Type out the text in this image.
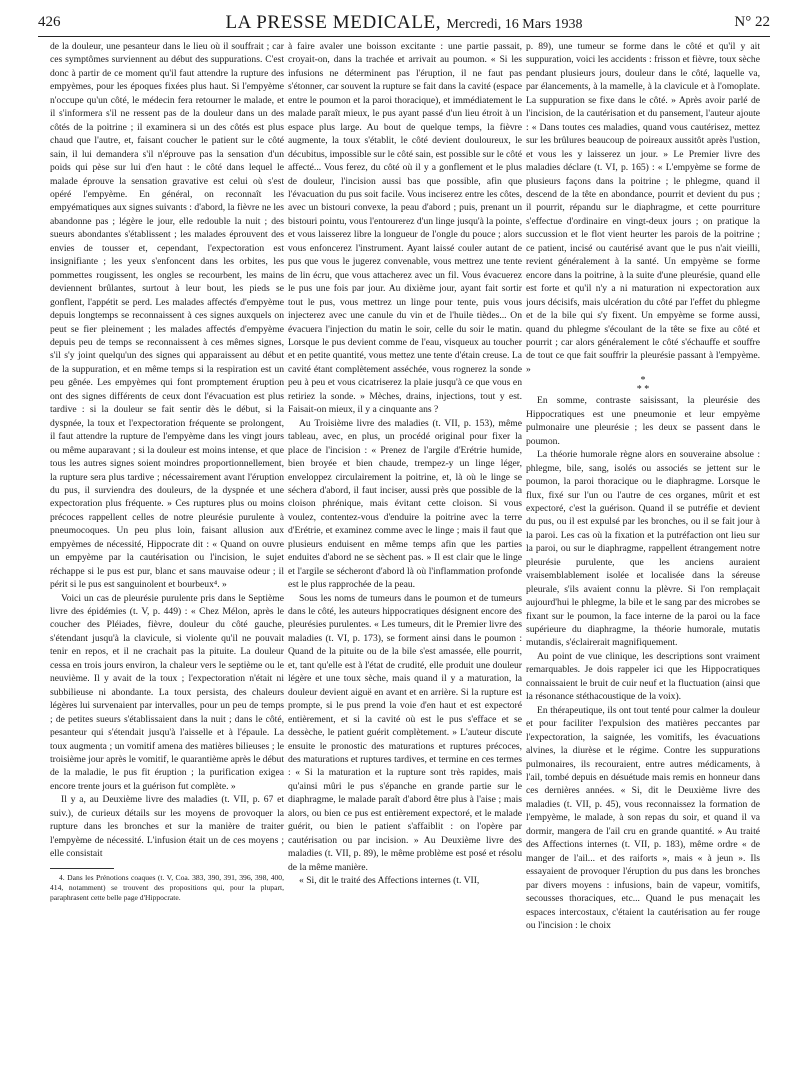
426	LA PRESSE MEDICALE, Mercredi, 16 Mars 1938	N° 22

de la douleur, une pesanteur dans le lieu où il souffrait ; car ces symptômes surviennent au début des suppurations. C'est donc à partir de ce moment qu'il faut attendre la rupture des empyèmes, pour les époques fixées plus haut. Si l'empyème n'occupe qu'un côté, le médecin fera retourner le malade, et il s'informera s'il ne ressent pas de la douleur dans un des côtés de la poitrine ; il examinera si un des côtés est plus chaud que l'autre, et, faisant coucher le patient sur le côté sain, il lui demandera s'il n'éprouve pas la sensation d'un poids qui pèse sur lui d'en haut : le côté dans lequel le malade éprouve la sensation gravative est celui où s'est opéré l'empyème. En général, on reconnaît les empyématiques aux signes suivants : d'abord, la fièvre ne les abandonne pas ; légère le jour, elle redouble la nuit ; des sueurs abondantes s'établissent ; les malades éprouvent des envies de tousser et, cependant, l'expectoration est insignifiante ; les yeux s'enfoncent dans les orbites, les pommettes rougissent, les ongles se recourbent, les mains deviennent brûlantes, surtout à leur bout, les pieds se gonflent, l'appétit se perd. Les malades affectés d'empyème depuis longtemps se reconnaissent à ces signes auxquels on peut se fier pleinement ; les malades affectés d'empyème depuis peu de temps se reconnaissent à ces mêmes signes, s'il s'y joint quelqu'un des signes qui apparaissent au début de la suppuration, et en même temps si la respiration est un peu gênée. Les empyèmes qui font promptement éruption ont des signes différents de ceux dont l'évacuation est plus tardive : si la douleur se fait sentir dès le début, si la dyspnée, la toux et l'expectoration fréquente se prolongent, il faut attendre la rupture de l'empyème dans les vingt jours ou même auparavant ; si la douleur est moins intense, et que tous les autres signes soient moindres proportionnellement, la rupture sera plus tardive ; nécessairement avant l'éruption du pus, il surviendra des douleurs, de la dyspnée et une expectoration plus fréquente. » Ces ruptures plus ou moins précoces rappellent celles de notre pleurésie purulente à pneumocoques. Un peu plus loin, faisant allusion aux empyèmes de nécessité, Hippocrate dit : « Quand on ouvre un empyème par la cautérisation ou l'incision, le sujet réchappe si le pus est pur, blanc et sans mauvaise odeur ; il périt si le pus est sanguinolent et bourbeux⁴. »

Voici un cas de pleurésie purulente pris dans le Septième livre des épidémies (t. V, p. 449) : « Chez Mélon, après le coucher des Pléiades, fièvre, douleur du côté gauche, s'étendant jusqu'à la clavicule, si violente qu'il ne pouvait tenir en repos, et il ne crachait pas la pituite. La douleur cessa en trois jours environ, la chaleur vers le septième ou le neuvième. Il y avait de la toux ; l'expectoration n'était ni subbilieuse ni abondante. La toux persista, des chaleurs légères lui survenaient par intervalles, pour un peu de temps ; de petites sueurs s'établissaient dans la nuit ; dans le côté, pesanteur qui s'étendait jusqu'à l'aisselle et à l'épaule. La toux augmenta ; un vomitif amena des matières bilieuses ; le troisième jour après le vomitif, le quarantième après le début de la maladie, le pus fit éruption ; la purification exigea encore trente jours et la guérison fut complète. »

Il y a, au Deuxième livre des maladies (t. VII, p. 67 et suiv.), de curieux détails sur les moyens de provoquer la rupture dans les bronches et sur la manière de traiter l'empyème de nécessité. L'infusion était un de ces moyens ; elle consistait

4. Dans les Prénotions coaques (t. V, Coa. 383, 390, 391, 396, 398, 400, 414, notamment) se trouvent des propositions qui, pour la plupart, paraphrasent cette belle page d'Hippocrate.

à faire avaler une boisson excitante : une partie passait, croyait-on, dans la trachée et arrivait au poumon. « Si les infusions ne déterminent pas l'éruption, il ne faut pas s'étonner, car souvent la rupture se fait dans la cavité (espace entre le poumon et la paroi thoracique), et immédiatement le malade paraît mieux, le pus ayant passé d'un lieu étroit à un espace plus large. Au bout de quelque temps, la fièvre augmente, la toux s'établit, le côté devient douloureux, le décubitus, impossible sur le côté sain, est possible sur le côté affecté... Vous ferez, du côté où il y a gonflement et le plus de douleur, l'incision aussi bas que possible, afin que l'évacuation du pus soit facile. Vous inciserez entre les côtes, avec un bistouri convexe, la peau d'abord ; puis, prenant un bistouri pointu, vous l'entourerez d'un linge jusqu'à la pointe, et vous laisserez libre la longueur de l'ongle du pouce ; alors vous enfoncerez l'instrument. Ayant laissé couler autant de pus que vous le jugerez convenable, vous mettrez une tente de lin écru, que vous attacherez avec un fil. Vous évacuerez le pus une fois par jour. Au dixième jour, ayant fait sortir tout le pus, vous mettrez un linge pour tente, puis vous injecterez avec une canule du vin et de l'huile tièdes... On évacuera l'injection du matin le soir, celle du soir le matin. Lorsque le pus devient comme de l'eau, visqueux au toucher et en petite quantité, vous mettez une tente d'étain creuse. La cavité étant complètement asséchée, vous rognerez la sonde peu à peu et vous cicatriserez la plaie jusqu'à ce que vous en retiriez la sonde. » Mèches, drains, injections, tout y est. Faisait-on mieux, il y a cinquante ans ?

Au Troisième livre des maladies (t. VII, p. 153), même tableau, avec, en plus, un procédé original pour fixer la place de l'incision : « Prenez de l'argile d'Erétrie humide, bien broyée et bien chaude, trempez-y un linge léger, enveloppez circulairement la poitrine, et, là où le linge se séchera d'abord, il faut inciser, aussi près que possible de la cloison phrénique, mais évitant cette cloison. Si vous voulez, contentez-vous d'enduire la poitrine avec la terre d'Erétrie, et examinez comme avec le linge ; mais il faut que plusieurs enduisent en même temps afin que les parties enduites d'abord ne se sèchent pas. » Il est clair que le linge et l'argile se sécheront d'abord là où l'inflammation profonde est le plus rapprochée de la peau.

Sous les noms de tumeurs dans le poumon et de tumeurs dans le côté, les auteurs hippocratiques désignent encore des pleurésies purulentes. « Les tumeurs, dit le Premier livre des maladies (t. VI, p. 173), se forment ainsi dans le poumon : Quand de la pituite ou de la bile s'est amassée, elle pourrit, et, tant qu'elle est à l'état de crudité, elle produit une douleur légère et une toux sèche, mais quand il y a maturation, la douleur devient aiguë en avant et en arrière. Si la rupture est prompte, si le pus prend la voie d'en haut et est expectoré entièrement, et si la cavité où est le pus s'efface et se dessèche, le patient guérit complètement. » L'auteur discute ensuite le pronostic des maturations et ruptures précoces, des maturations et ruptures tardives, et termine en ces termes : « Si la maturation et la rupture sont très rapides, mais qu'ainsi mûri le pus s'épanche en grande partie sur le diaphragme, le malade paraît d'abord être plus à l'aise ; mais alors, ou bien ce pus est entièrement expectoré, et le malade guérit, ou bien le patient s'affaiblit : on l'opère par cautérisation ou par incision. » Au Deuxième livre des maladies (t. VII, p. 89), le même problème est posé et résolu de la même manière.

« Si, dit le traité des Affections internes (t. VII,

p. 89), une tumeur se forme dans le côté et qu'il y ait suppuration, voici les accidents : frisson et fièvre, toux sèche pendant plusieurs jours, douleur dans le côté, laquelle va, par élancements, à la mamelle, à la clavicule et à l'omoplate. La suppuration se fixe dans le côté. » Après avoir parlé de l'incision, de la cautérisation et du pansement, l'auteur ajoute : « Dans toutes ces maladies, quand vous cautérisez, mettez sur les brûlures beaucoup de poireaux aussitôt après l'ustion, et vous les y laisserez un jour. » Le Premier livre des maladies déclare (t. VI, p. 165) : « L'empyème se forme de plusieurs façons dans la poitrine ; le phlegme, quand il descend de la tête en abondance, pourrit et devient du pus ; il pourrit, répandu sur le diaphragme, et cette pourriture s'effectue d'ordinaire en vingt-deux jours ; on pratique la succussion et le flot vient heurter les parois de la poitrine ; ce patient, incisé ou cautérisé avant que le pus n'ait vieilli, revient généralement à la santé. Un empyème se forme encore dans la poitrine, à la suite d'une pleurésie, quand elle est forte et qu'il n'y a ni maturation ni expectoration aux jours décisifs, mais ulcération du côté par l'effet du phlegme et de la bile qui s'y fixent. Un empyème se forme aussi, quand du phlegme s'écoulant de la tête se fixe au côté et pourrit ; car alors généralement le côté s'échauffe et souffre de tout ce que fait souffrir la pleurésie passant à l'empyème. »

*
* *

En somme, contraste saisissant, la pleurésie des Hippocratiques est une pneumonie et leur empyème pulmonaire une pleurésie ; les deux se passent dans le poumon.

La théorie humorale règne alors en souveraine absolue : phlegme, bile, sang, isolés ou associés se jettent sur le poumon, la paroi thoracique ou le diaphragme. Lorsque le flux, fixé sur l'un ou l'autre de ces organes, mûrit et est expectoré, c'est la guérison. Quand il se putréfie et devient du pus, ou il est expulsé par les bronches, ou il se fait jour à la paroi. Les cas où la fixation et la putréfaction ont lieu sur la paroi, ou sur le diaphragme, rappellent étrangement notre pleurésie purulente, que les anciens auraient vraisemblablement isolée et localisée dans la séreuse pleurale, s'ils avaient connu la plèvre. Si l'on remplaçait aujourd'hui le phlegme, la bile et le sang par des microbes se fixant sur le poumon, la face interne de la paroi ou la face supérieure du diaphragme, la théorie humorale, mutatis mutandis, s'éclairerait magnifiquement.

Au point de vue clinique, les descriptions sont vraiment remarquables. Je dois rappeler ici que les Hippocratiques connaissaient le bruit de cuir neuf et la fluctuation (ainsi que la résonance stéthacoustique de la voix).

En thérapeutique, ils ont tout tenté pour calmer la douleur et pour faciliter l'expulsion des matières peccantes par l'expectoration, la saignée, les vomitifs, les évacuations alvines, la diurèse et le régime. Contre les suppurations pulmonaires, ils recouraient, entre autres médicaments, à l'ail, tombé depuis en désuétude mais remis en honneur dans ces dernières années. « Si, dit le Deuxième livre des maladies (t. VII, p. 45), vous reconnaissez la formation de l'empyème, le malade, à son repas du soir, et quand il va dormir, mangera de l'ail cru en grande quantité. » Au traité des Affections internes (t. VII, p. 183), même ordre « de manger de l'ail... et des raiforts », mais « à jeun ». Ils essayaient de provoquer l'éruption du pus dans les bronches par divers moyens : infusions, bain de vapeur, vomitifs, secousses thoraciques, etc... Quand le pus menaçait les espaces intercostaux, c'étaient la cautérisation au fer rouge ou l'incision : le choix
